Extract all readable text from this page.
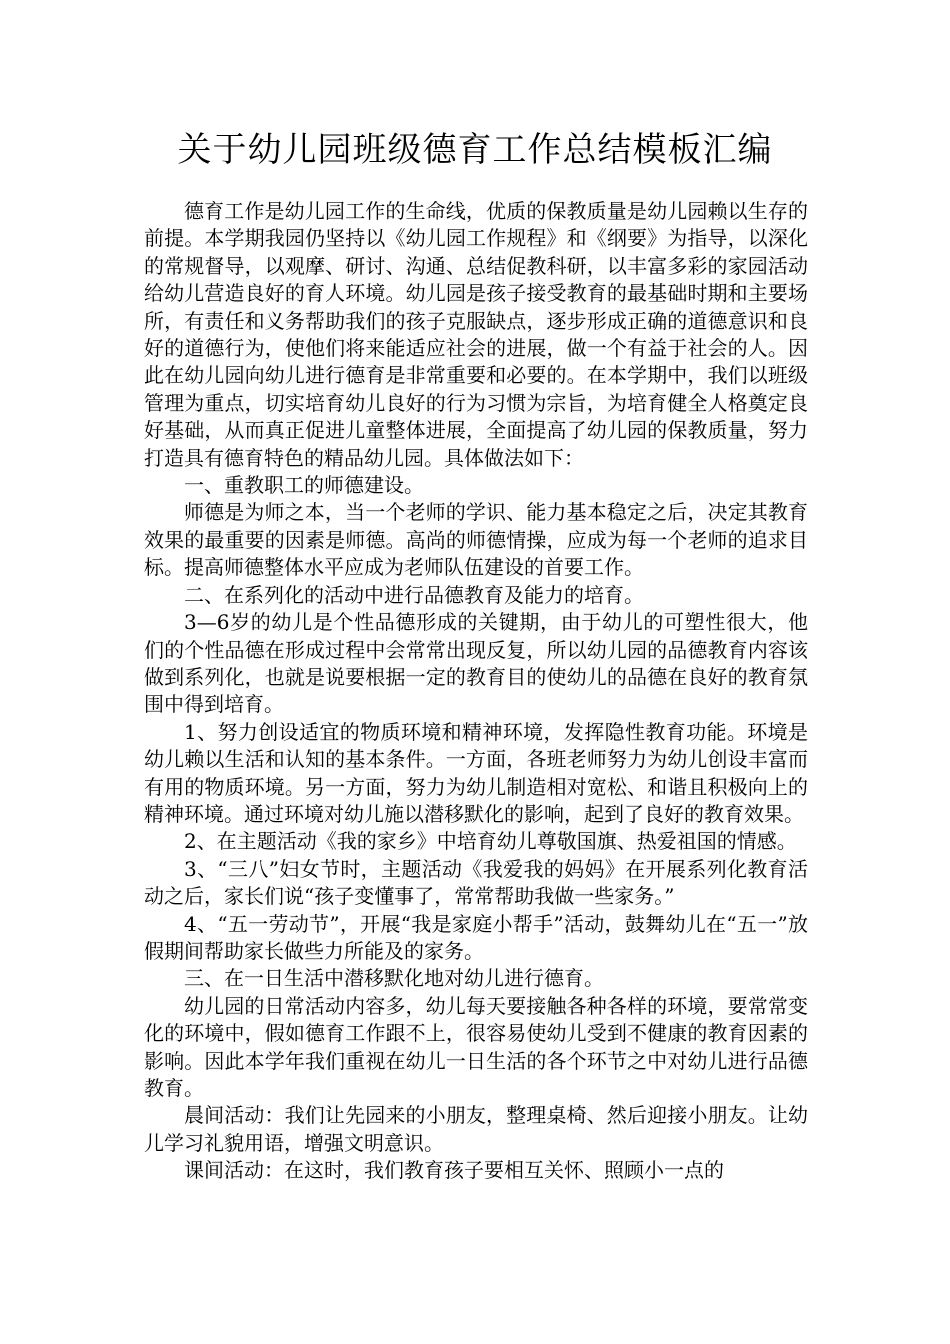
关于幼儿园班级德育工作总结模板汇编

德育工作是幼儿园工作的生命线，优质的保教质量是幼儿园赖以生存的前提。本学期我园仍坚持以《幼儿园工作规程》和《纲要》为指导，以深化的常规督导，以观摩、研讨、沟通、总结促教科研，以丰富多彩的家园活动给幼儿营造良好的育人环境。幼儿园是孩子接受教育的最基础时期和主要场所，有责任和义务帮助我们的孩子克服缺点，逐步形成正确的道德意识和良好的道德行为，使他们将来能适应社会的进展，做一个有益于社会的人。因此在幼儿园向幼儿进行德育是非常重要和必要的。在本学期中，我们以班级管理为重点，切实培育幼儿良好的行为习惯为宗旨，为培育健全人格奠定良好基础，从而真正促进儿童整体进展，全面提高了幼儿园的保教质量，努力打造具有德育特色的精品幼儿园。具体做法如下：

一、重教职工的师德建设。

师德是为师之本，当一个老师的学识、能力基本稳定之后，决定其教育效果的最重要的因素是师德。高尚的师德情操，应成为每一个老师的追求目标。提高师德整体水平应成为老师队伍建设的首要工作。

二、在系列化的活动中进行品德教育及能力的培育。

3—6岁的幼儿是个性品德形成的关键期，由于幼儿的可塑性很大，他们的个性品德在形成过程中会常常出现反复，所以幼儿园的品德教育内容该做到系列化，也就是说要根据一定的教育目的使幼儿的品德在良好的教育氛围中得到培育。

1、努力创设适宜的物质环境和精神环境，发挥隐性教育功能。环境是幼儿赖以生活和认知的基本条件。一方面，各班老师努力为幼儿创设丰富而有用的物质环境。另一方面，努力为幼儿制造相对宽松、和谐且积极向上的精神环境。通过环境对幼儿施以潜移默化的影响，起到了良好的教育效果。

2、在主题活动《我的家乡》中培育幼儿尊敬国旗、热爱祖国的情感。

3、“三八”妇女节时，主题活动《我爱我的妈妈》在开展系列化教育活动之后，家长们说“孩子变懂事了，常常帮助我做一些家务。”

4、“五一劳动节”，开展“我是家庭小帮手”活动，鼓舞幼儿在“五一”放假期间帮助家长做些力所能及的家务。

三、在一日生活中潜移默化地对幼儿进行德育。

幼儿园的日常活动内容多，幼儿每天要接触各种各样的环境，要常常变化的环境中，假如德育工作跟不上，很容易使幼儿受到不健康的教育因素的影响。因此本学年我们重视在幼儿一日生活的各个环节之中对幼儿进行品德教育。

晨间活动：我们让先园来的小朋友，整理桌椅、然后迎接小朋友。让幼儿学习礼貌用语，增强文明意识。

课间活动：在这时，我们教育孩子要相互关怀、照顾小一点的
